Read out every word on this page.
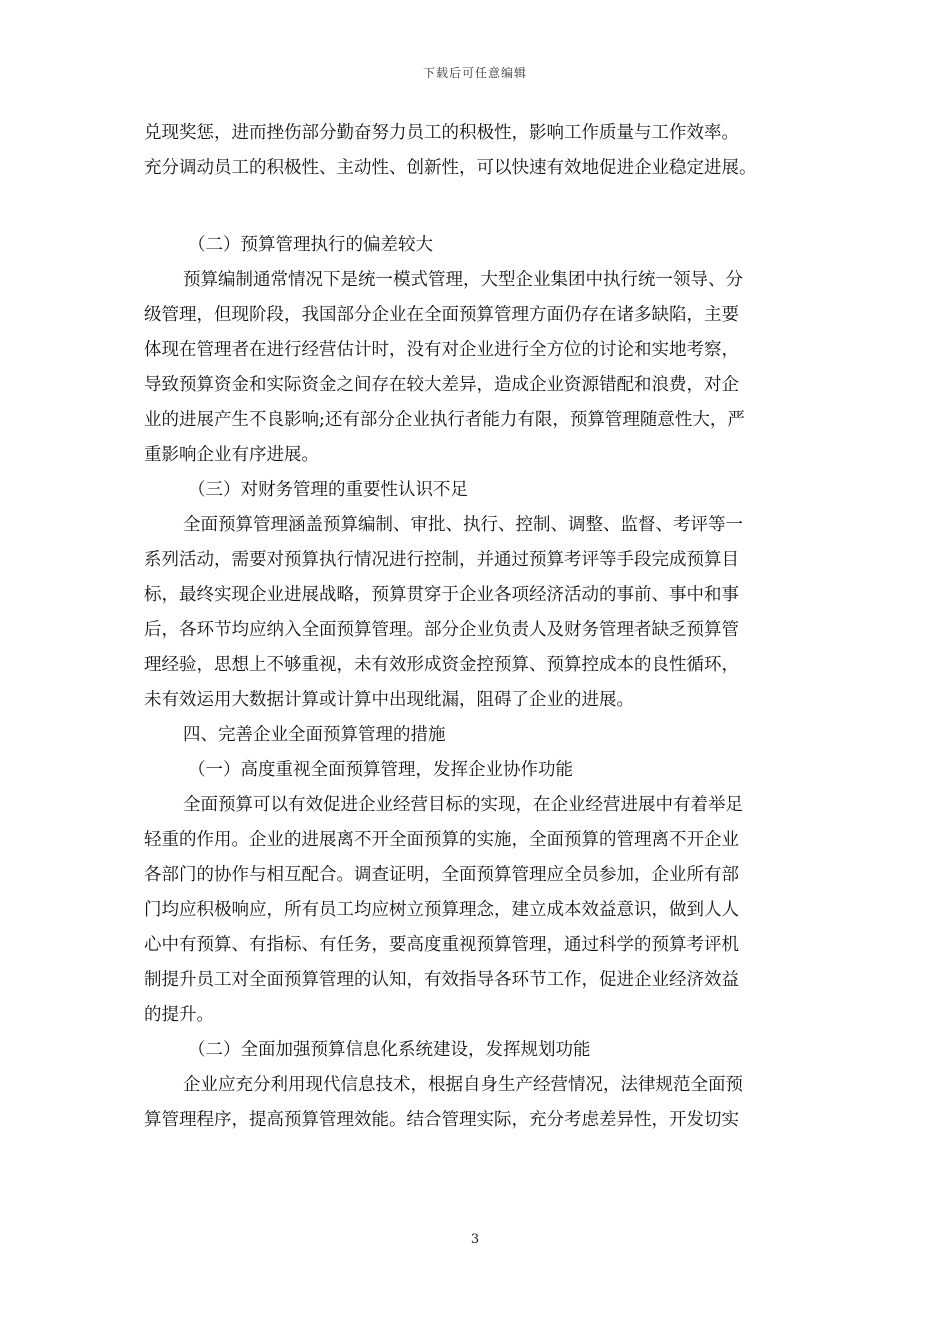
下载后可任意编辑
兑现奖惩，进而挫伤部分勤奋努力员工的积极性，影响工作质量与工作效率。
充分调动员工的积极性、主动性、创新性，可以快速有效地促进企业稳定进展。
（二）预算管理执行的偏差较大
预算编制通常情况下是统一模式管理，大型企业集团中执行统一领导、分
级管理，但现阶段，我国部分企业在全面预算管理方面仍存在诸多缺陷，主要
体现在管理者在进行经营估计时，没有对企业进行全方位的讨论和实地考察，
导致预算资金和实际资金之间存在较大差异，造成企业资源错配和浪费，对企
业的进展产生不良影响;还有部分企业执行者能力有限，预算管理随意性大，严
重影响企业有序进展。
（三）对财务管理的重要性认识不足
全面预算管理涵盖预算编制、审批、执行、控制、调整、监督、考评等一
系列活动，需要对预算执行情况进行控制，并通过预算考评等手段完成预算目
标，最终实现企业进展战略，预算贯穿于企业各项经济活动的事前、事中和事
后，各环节均应纳入全面预算管理。部分企业负责人及财务管理者缺乏预算管
理经验，思想上不够重视，未有效形成资金控预算、预算控成本的良性循环，
未有效运用大数据计算或计算中出现纰漏，阻碍了企业的进展。
四、完善企业全面预算管理的措施
（一）高度重视全面预算管理，发挥企业协作功能
全面预算可以有效促进企业经营目标的实现，在企业经营进展中有着举足
轻重的作用。企业的进展离不开全面预算的实施，全面预算的管理离不开企业
各部门的协作与相互配合。调查证明，全面预算管理应全员参加，企业所有部
门均应积极响应，所有员工均应树立预算理念，建立成本效益意识，做到人人
心中有预算、有指标、有任务，要高度重视预算管理，通过科学的预算考评机
制提升员工对全面预算管理的认知，有效指导各环节工作，促进企业经济效益
的提升。
（二）全面加强预算信息化系统建设，发挥规划功能
企业应充分利用现代信息技术，根据自身生产经营情况，法律规范全面预
算管理程序，提高预算管理效能。结合管理实际，充分考虑差异性，开发切实
3
